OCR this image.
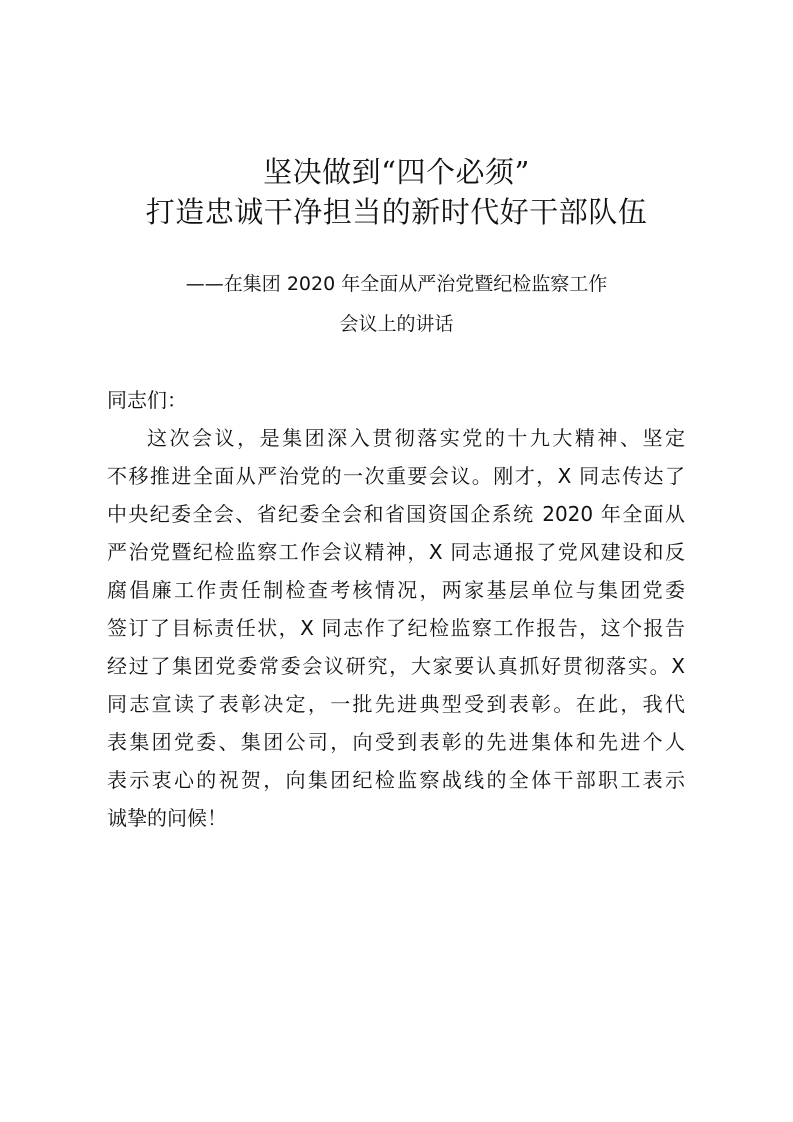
坚决做到“四个必须”
打造忠诚干净担当的新时代好干部队伍
——在集团 2020 年全面从严治党暨纪检监察工作
会议上的讲话
同志们：
这次会议，是集团深入贯彻落实党的十九大精神、坚定
不移推进全面从严治党的一次重要会议。刚才，X 同志传达了
中央纪委全会、省纪委全会和省国资国企系统 2020 年全面从
严治党暨纪检监察工作会议精神，X 同志通报了党风建设和反
腐倡廉工作责任制检查考核情况，两家基层单位与集团党委
签订了目标责任状，X 同志作了纪检监察工作报告，这个报告
经过了集团党委常委会议研究，大家要认真抓好贯彻落实。X
同志宣读了表彰决定，一批先进典型受到表彰。在此，我代
表集团党委、集团公司，向受到表彰的先进集体和先进个人
表示衷心的祝贺，向集团纪检监察战线的全体干部职工表示
诚挚的问候！
